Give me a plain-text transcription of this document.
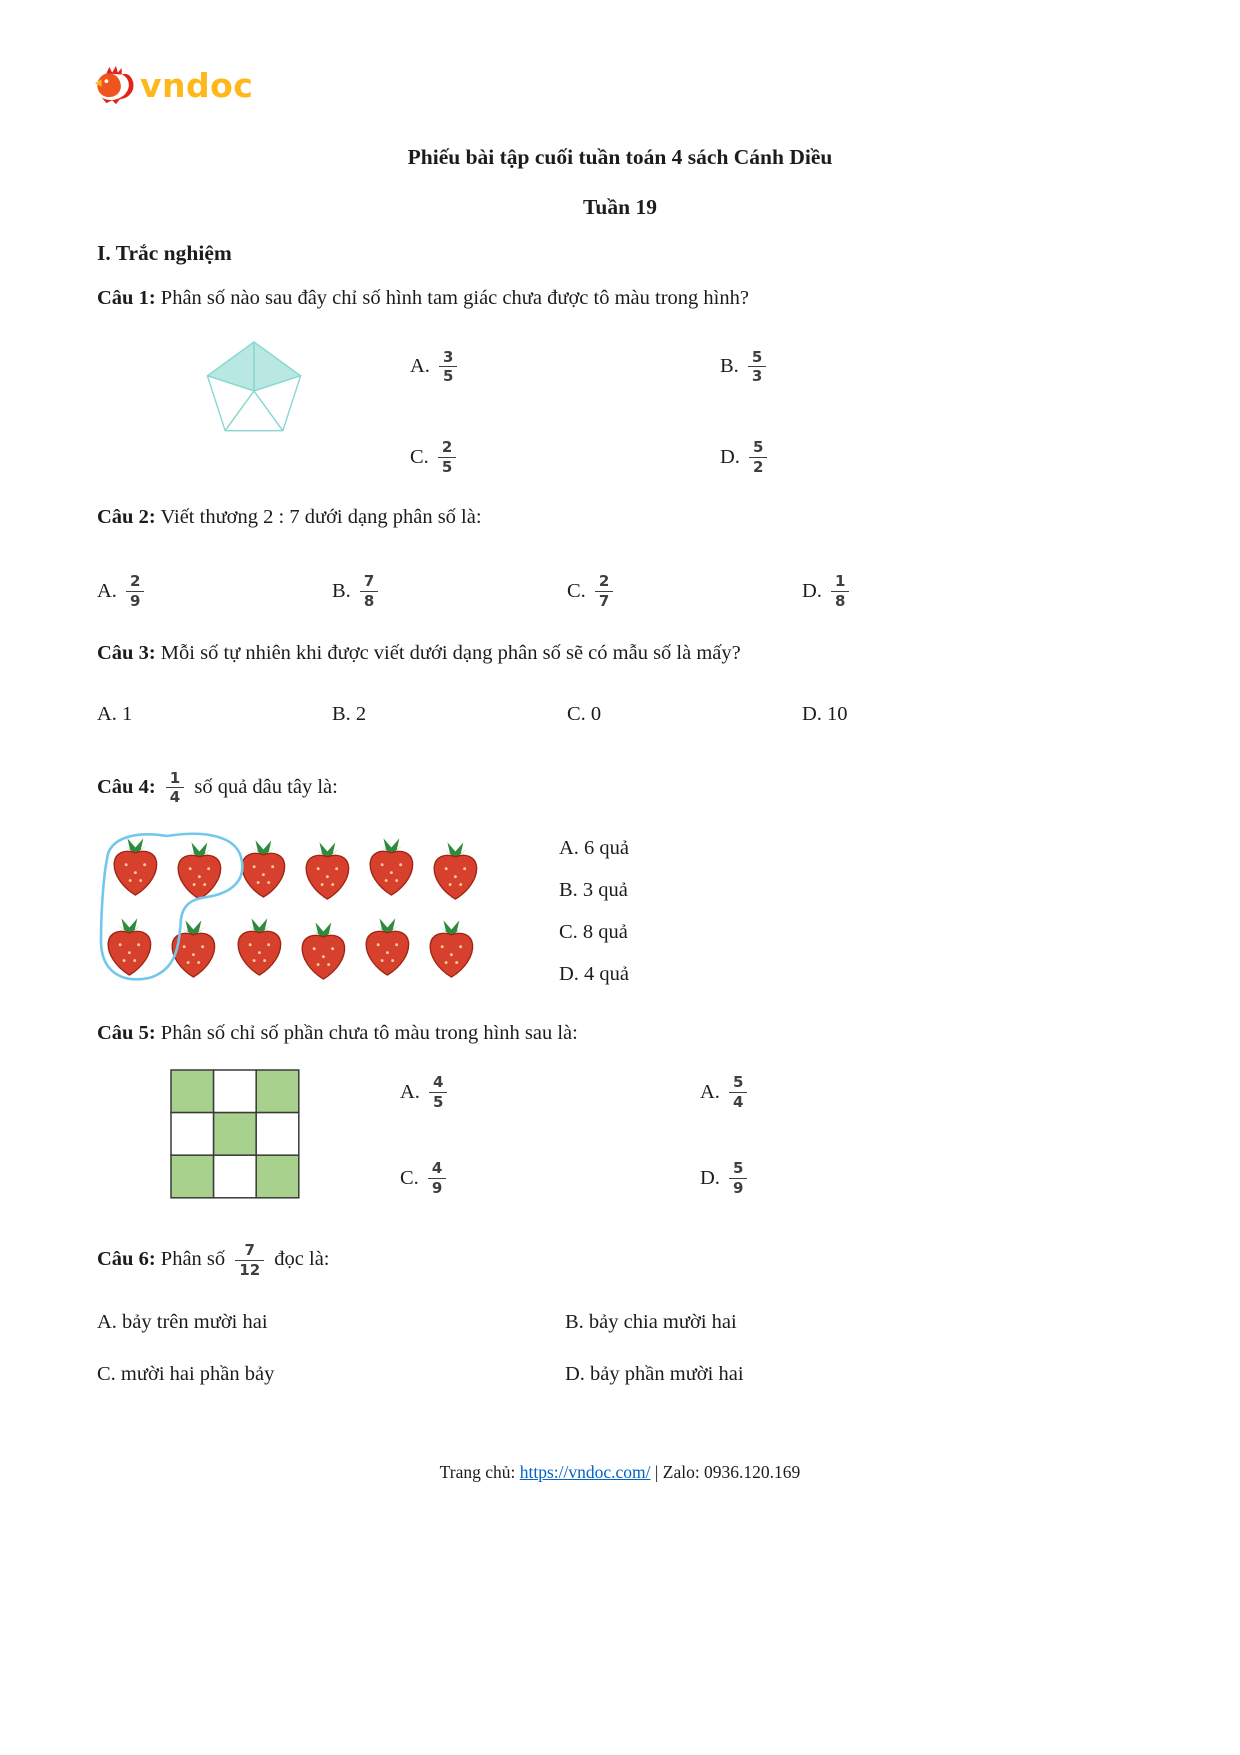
vndoc
Phiếu bài tập cuối tuần toán 4 sách Cánh Diều
Tuần 19
I. Trắc nghiệm

Câu 1: Phân số nào sau đây chỉ số hình tam giác chưa được tô màu trong hình?

A. $\frac{3}{5}$	B. $\frac{5}{3}$
C. $\frac{2}{5}$	D. $\frac{5}{2}$

Câu 2: Viết thương 2 : 7 dưới dạng phân số là:

A. $\frac{2}{9}$	B. $\frac{7}{8}$	C. $\frac{2}{7}$	D. $\frac{1}{8}$

Câu 3: Mỗi số tự nhiên khi được viết dưới dạng phân số sẽ có mẫu số là mấy?

A. 1	B. 2	C. 0	D. 10

Câu 4: $\frac{1}{4}$ số quả dâu tây là:

A. 6 quả

B. 3 quả

C. 8 quả

D. 4 quả

Câu 5: Phân số chỉ số phần chưa tô màu trong hình sau là:

A. $\frac{4}{5}$	A. $\frac{5}{4}$
C. $\frac{4}{9}$	D. $\frac{5}{9}$

Câu 6: Phân số $\frac{7}{12}$ đọc là:

A. bảy trên mười hai	B. bảy chia mười hai

C. mười hai phần bảy	D. bảy phần mười hai

Trang chủ: https://vndoc.com/ | Zalo: 0936.120.169
